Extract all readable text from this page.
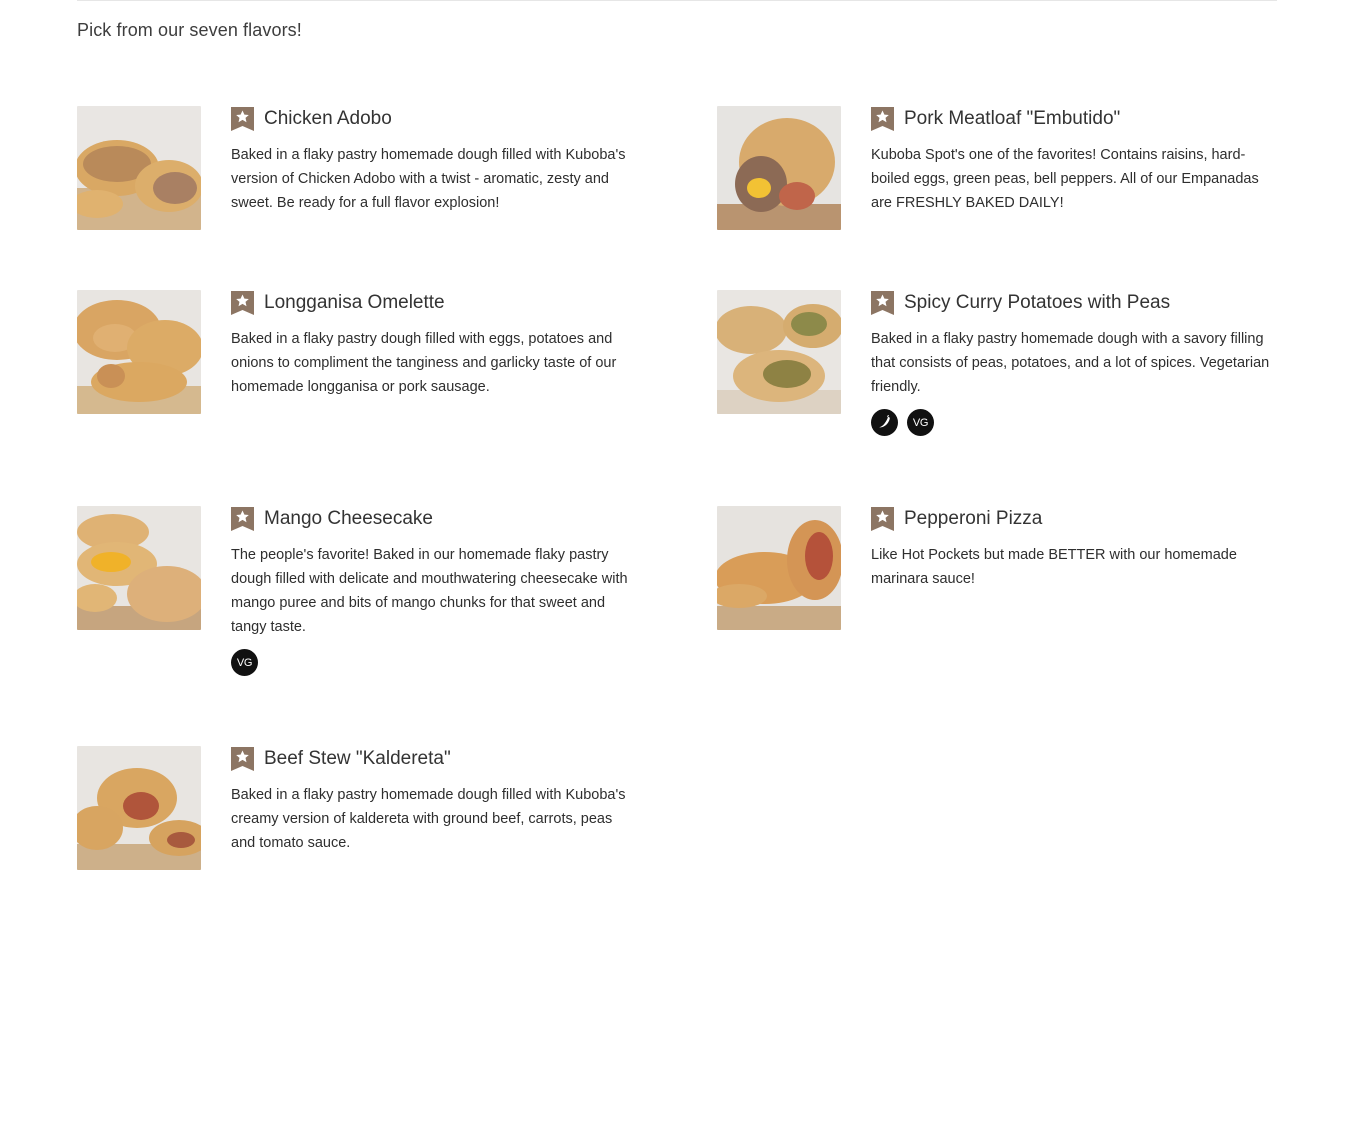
Pick from our seven flavors!
Chicken Adobo
Baked in a flaky pastry homemade dough filled with Kuboba's version of Chicken Adobo with a twist - aromatic, zesty and sweet. Be ready for a full flavor explosion!
Pork Meatloaf "Embutido"
Kuboba Spot's one of the favorites! Contains raisins, hard-boiled eggs, green peas, bell peppers. All of our Empanadas are FRESHLY BAKED DAILY!
Longganisa Omelette
Baked in a flaky pastry dough filled with eggs, potatoes and onions to compliment the tanginess and garlicky taste of our homemade longganisa or pork sausage.
Spicy Curry Potatoes with Peas
Baked in a flaky pastry homemade dough with a savory filling that consists of peas, potatoes, and a lot of spices. Vegetarian friendly.
VG
Mango Cheesecake
The people's favorite! Baked in our homemade flaky pastry dough filled with delicate and mouthwatering cheesecake with mango puree and bits of mango chunks for that sweet and tangy taste.
VG
Pepperoni Pizza
Like Hot Pockets but made BETTER with our homemade marinara sauce!
Beef Stew "Kaldereta"
Baked in a flaky pastry homemade dough filled with Kuboba's creamy version of kaldereta with ground beef, carrots, peas and tomato sauce.
